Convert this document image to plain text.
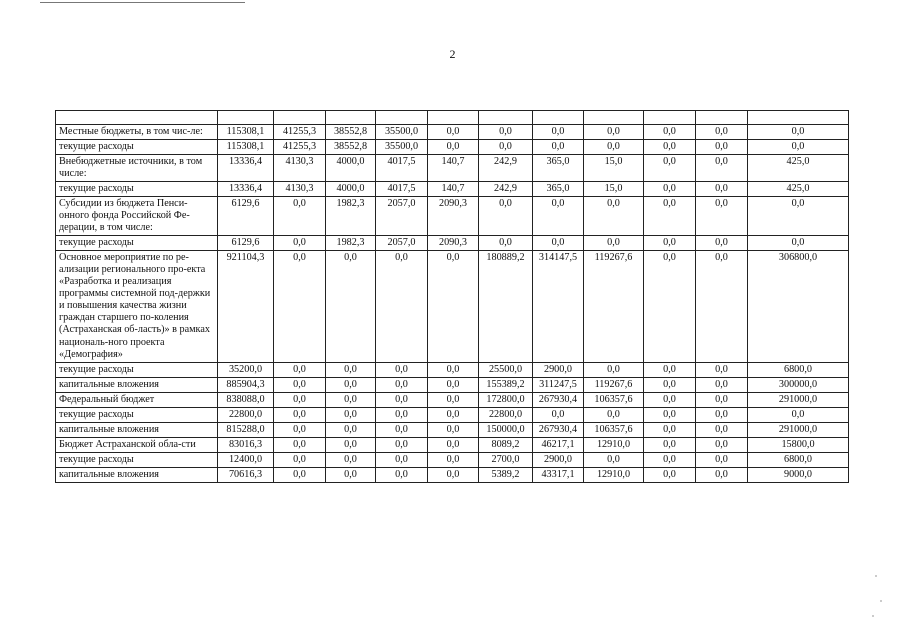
2

Местные бюджеты, в том чис-ле:	115308,1	41255,3	38552,8	35500,0	0,0	0,0	0,0	0,0	0,0	0,0	0,0
текущие расходы	115308,1	41255,3	38552,8	35500,0	0,0	0,0	0,0	0,0	0,0	0,0	0,0
Внебюджетные источники, в том числе:	13336,4	4130,3	4000,0	4017,5	140,7	242,9	365,0	15,0	0,0	0,0	425,0
текущие расходы	13336,4	4130,3	4000,0	4017,5	140,7	242,9	365,0	15,0	0,0	0,0	425,0
Субсидии из бюджета Пенси-онного фонда Российской Фе-дерации, в том числе:	6129,6	0,0	1982,3	2057,0	2090,3	0,0	0,0	0,0	0,0	0,0	0,0
текущие расходы	6129,6	0,0	1982,3	2057,0	2090,3	0,0	0,0	0,0	0,0	0,0	0,0
Основное мероприятие по ре-ализации регионального про-екта «Разработка и реализация программы системной под-держки и повышения качества жизни граждан старшего по-коления (Астраханская об-ласть)» в рамках националь-ного проекта «Демография»	921104,3	0,0	0,0	0,0	0,0	180889,2	314147,5	119267,6	0,0	0,0	306800,0
текущие расходы	35200,0	0,0	0,0	0,0	0,0	25500,0	2900,0	0,0	0,0	0,0	6800,0
капитальные вложения	885904,3	0,0	0,0	0,0	0,0	155389,2	311247,5	119267,6	0,0	0,0	300000,0
Федеральный бюджет	838088,0	0,0	0,0	0,0	0,0	172800,0	267930,4	106357,6	0,0	0,0	291000,0
текущие расходы	22800,0	0,0	0,0	0,0	0,0	22800,0	0,0	0,0	0,0	0,0	0,0
капитальные вложения	815288,0	0,0	0,0	0,0	0,0	150000,0	267930,4	106357,6	0,0	0,0	291000,0
Бюджет Астраханской обла-сти	83016,3	0,0	0,0	0,0	0,0	8089,2	46217,1	12910,0	0,0	0,0	15800,0
текущие расходы	12400,0	0,0	0,0	0,0	0,0	2700,0	2900,0	0,0	0,0	0,0	6800,0
капитальные вложения	70616,3	0,0	0,0	0,0	0,0	5389,2	43317,1	12910,0	0,0	0,0	9000,0
